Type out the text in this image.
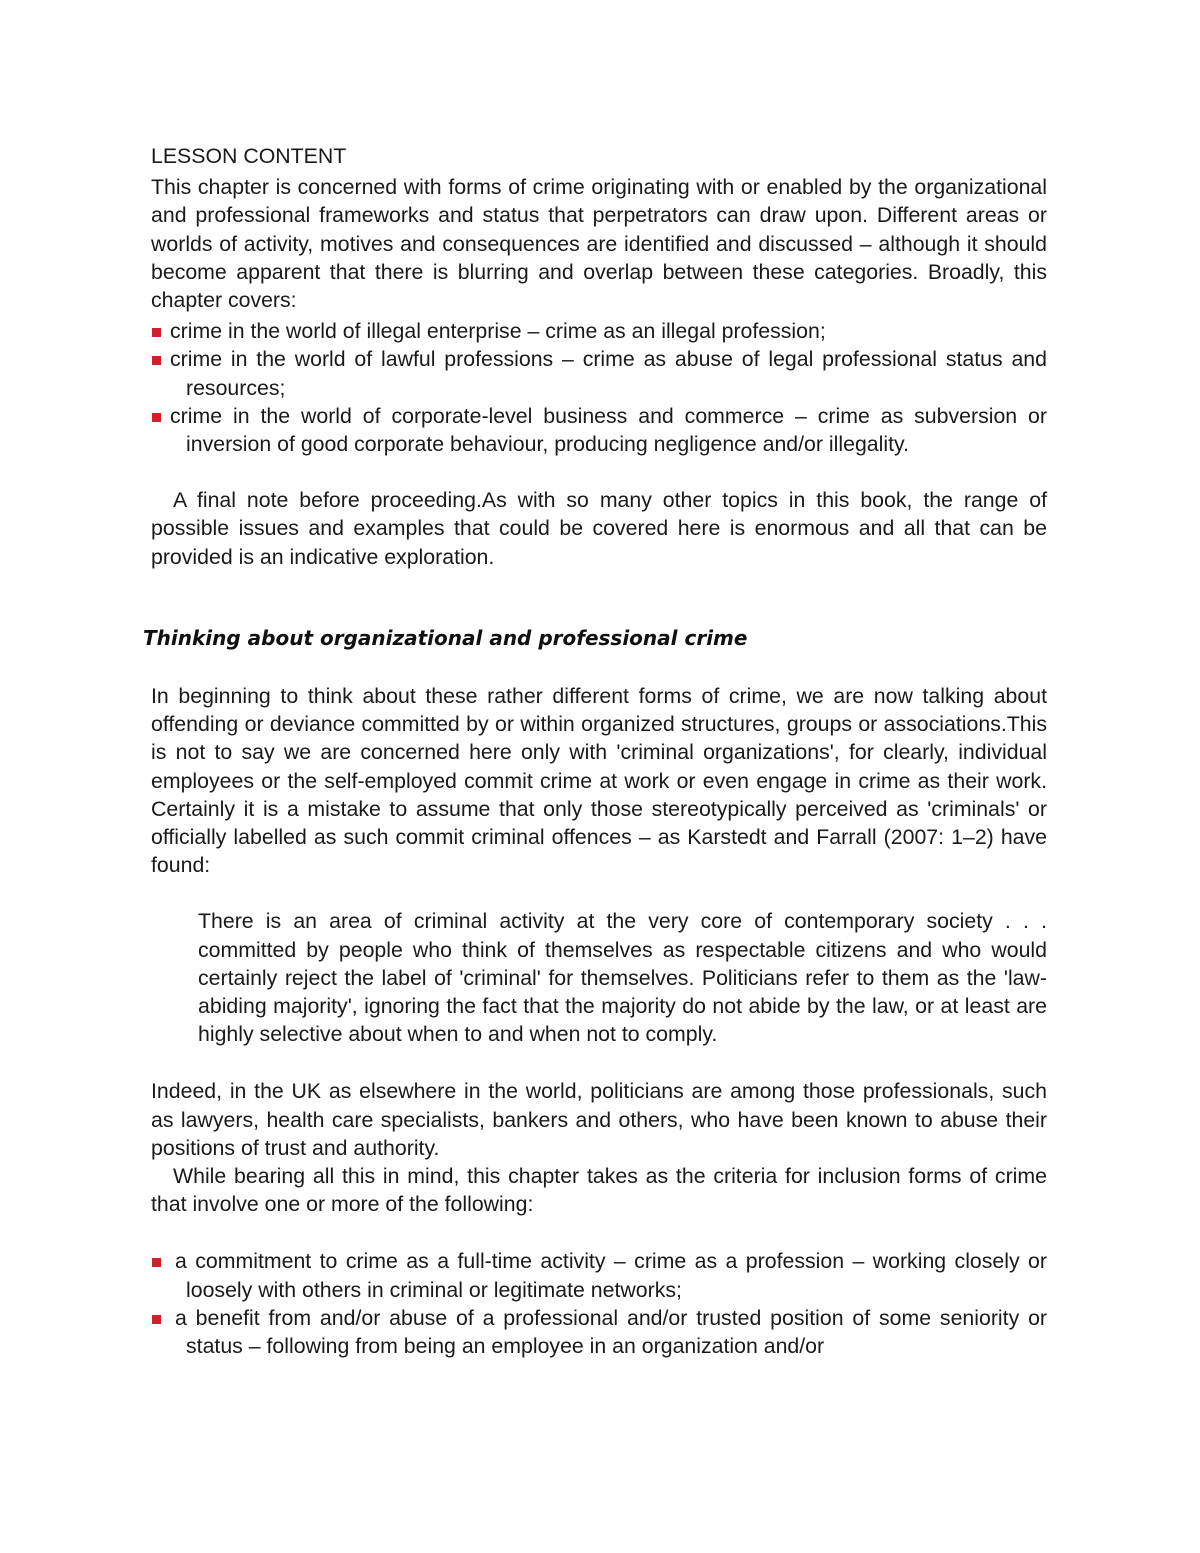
LESSON CONTENT

This chapter is concerned with forms of crime originating with or enabled by the organizational and professional frameworks and status that perpetrators can draw upon. Different areas or worlds of activity, motives and consequences are identified and discussed – although it should become apparent that there is blurring and overlap between these categories. Broadly, this chapter covers:

crime in the world of illegal enterprise – crime as an illegal profession;
crime in the world of lawful professions – crime as abuse of legal professional status and resources;
crime in the world of corporate-level business and commerce – crime as subversion or inversion of good corporate behaviour, producing negligence and/or illegality.

A final note before proceeding.As with so many other topics in this book, the range of possible issues and examples that could be covered here is enormous and all that can be provided is an indicative exploration.

Thinking about organizational and professional crime

In beginning to think about these rather different forms of crime, we are now talking about offending or deviance committed by or within organized structures, groups or associations.This is not to say we are concerned here only with 'criminal organizations', for clearly, individual employees or the self-employed commit crime at work or even engage in crime as their work. Certainly it is a mistake to assume that only those stereotypically perceived as 'criminals' or officially labelled as such commit criminal offences – as Karstedt and Farrall (2007: 1–2) have found:

There is an area of criminal activity at the very core of contemporary society . . . committed by people who think of themselves as respectable citizens and who would certainly reject the label of 'criminal' for themselves. Politicians refer to them as the 'law-abiding majority', ignoring the fact that the majority do not abide by the law, or at least are highly selective about when to and when not to comply.

Indeed, in the UK as elsewhere in the world, politicians are among those professionals, such as lawyers, health care specialists, bankers and others, who have been known to abuse their positions of trust and authority.

While bearing all this in mind, this chapter takes as the criteria for inclusion forms of crime that involve one or more of the following:

a commitment to crime as a full-time activity – crime as a profession – working closely or loosely with others in criminal or legitimate networks;
a benefit from and/or abuse of a professional and/or trusted position of some seniority or status – following from being an employee in an organization and/or
